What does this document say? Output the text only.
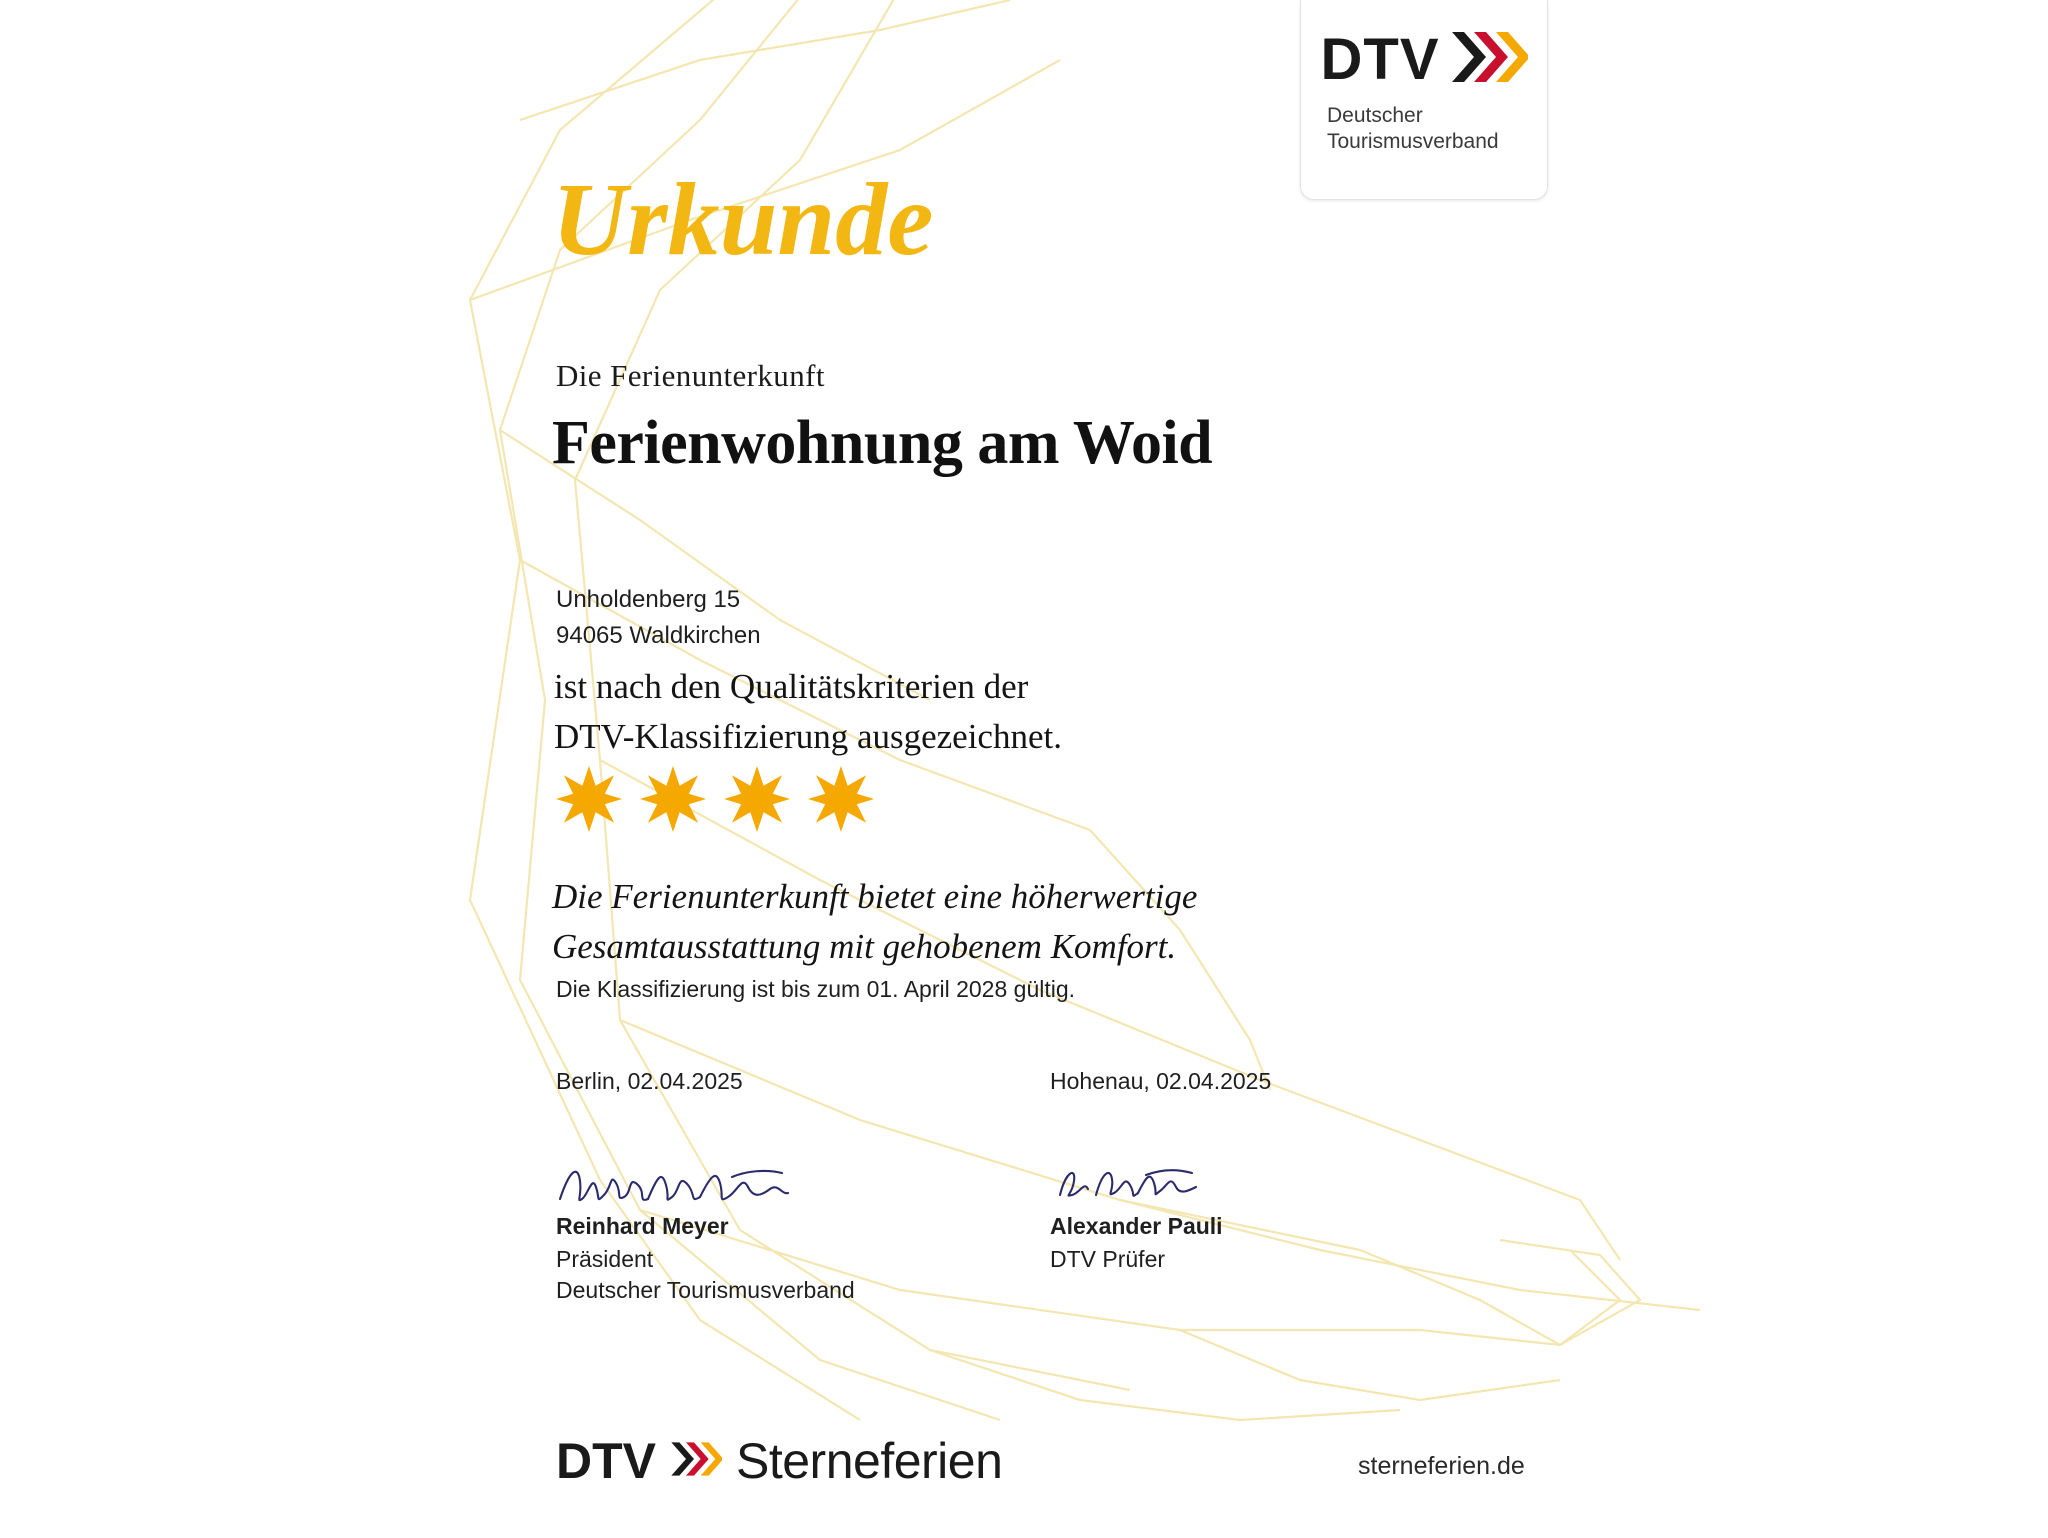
DTV
Deutscher
Tourismusverband
Urkunde
Die Ferienunterkunft
Ferienwohnung am Woid
Unholdenberg 15
94065 Waldkirchen
ist nach den Qualitätskriterien der
DTV-Klassifizierung ausgezeichnet.
Die Ferienunterkunft bietet eine höherwertige
Gesamtausstattung mit gehobenem Komfort.
Die Klassifizierung ist bis zum 01. April 2028 gültig.
Berlin, 02.04.2025
Reinhard Meyer
Präsident
Deutscher Tourismusverband
Hohenau, 02.04.2025
Alexander Pauli
DTV Prüfer
DTV Sterneferien	sterneferien.de
